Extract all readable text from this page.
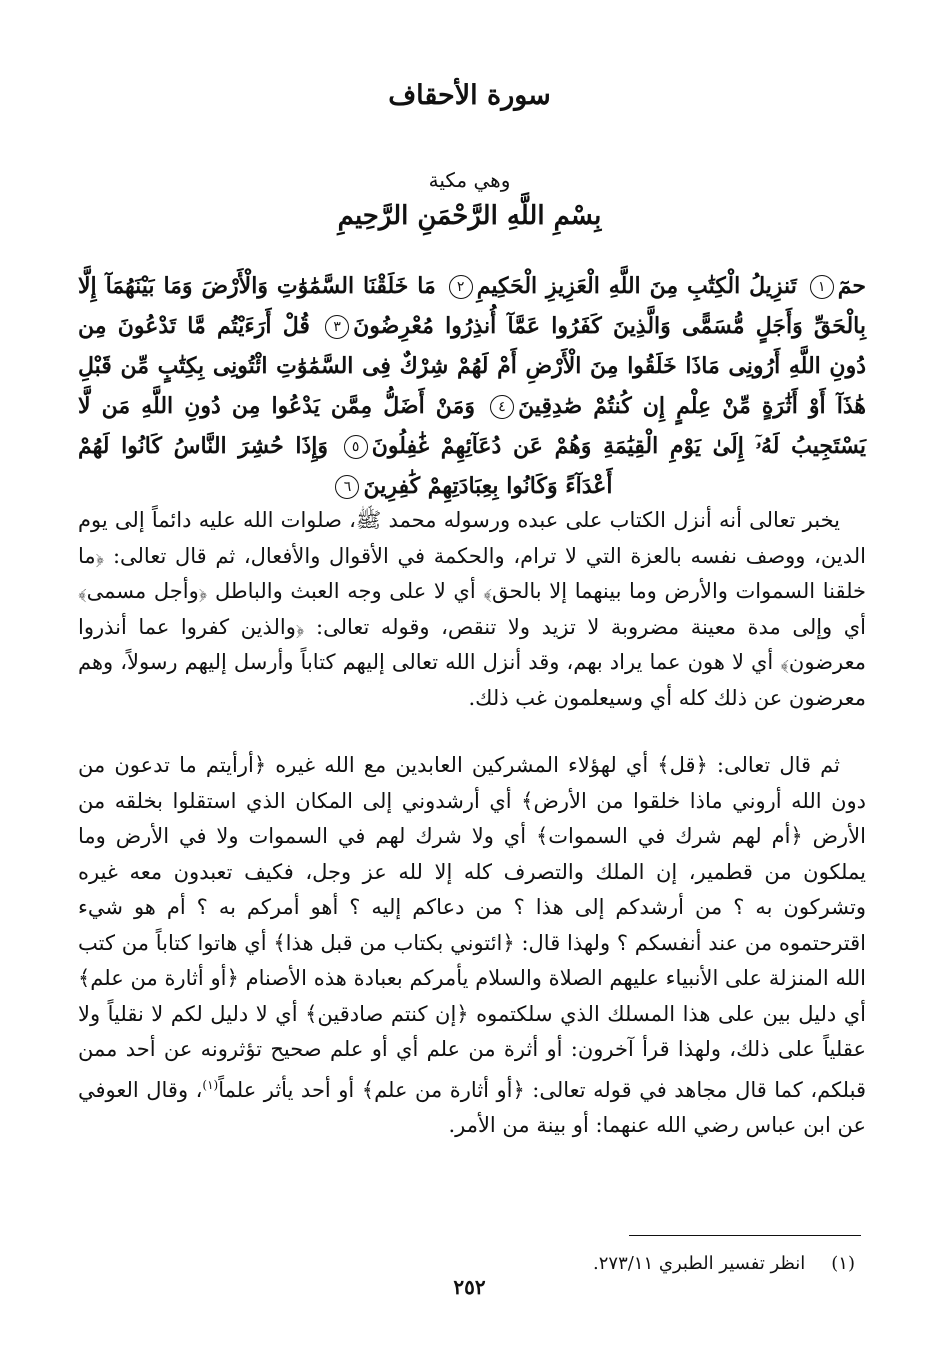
سورة الأحقاف
وهي مكية
بِسْمِ اللَّهِ الرَّحْمَنِ الرَّحِيمِ
حمٓ١ تَنزِيلُ الْكِتَٰبِ مِنَ اللَّهِ الْعَزِيزِ الْحَكِيمِ٢ مَا خَلَقْنَا السَّمَٰوَٰتِ وَالْأَرْضَ وَمَا بَيْنَهُمَآ إِلَّا بِالْحَقِّ وَأَجَلٍ مُّسَمًّى وَالَّذِينَ كَفَرُوا عَمَّآ أُنذِرُوا مُعْرِضُونَ٣ قُلْ أَرَءَيْتُم مَّا تَدْعُونَ مِن دُونِ اللَّهِ أَرُونِى مَاذَا خَلَقُوا مِنَ الْأَرْضِ أَمْ لَهُمْ شِرْكٌ فِى السَّمَٰوَٰتِ ائْتُونِى بِكِتَٰبٍ مِّن قَبْلِ هَٰذَآ أَوْ أَثَٰرَةٍ مِّنْ عِلْمٍ إِن كُنتُمْ صَٰدِقِينَ٤ وَمَنْ أَضَلُّ مِمَّن يَدْعُوا مِن دُونِ اللَّهِ مَن لَّا يَسْتَجِيبُ لَهُۥٓ إِلَىٰ يَوْمِ الْقِيَٰمَةِ وَهُمْ عَن دُعَآئِهِمْ غَٰفِلُونَ٥ وَإِذَا حُشِرَ النَّاسُ كَانُوا لَهُمْ أَعْدَآءً وَكَانُوا بِعِبَادَتِهِمْ كَٰفِرِينَ٦
يخبر تعالى أنه أنزل الكتاب على عبده ورسوله محمد ﷺ، صلوات الله عليه دائماً إلى يوم الدين، ووصف نفسه بالعزة التي لا ترام، والحكمة في الأقوال والأفعال، ثم قال تعالى: ﴿ما خلقنا السموات والأرض وما بينهما إلا بالحق﴾ أي لا على وجه العبث والباطل ﴿وأجل مسمى﴾ أي وإلى مدة معينة مضروبة لا تزيد ولا تنقص، وقوله تعالى: ﴿والذين كفروا عما أنذروا معرضون﴾ أي لا هون عما يراد بهم، وقد أنزل الله تعالى إليهم كتاباً وأرسل إليهم رسولاً، وهم معرضون عن ذلك كله أي وسيعلمون غب ذلك.
ثم قال تعالى: ﴿قل﴾ أي لهؤلاء المشركين العابدين مع الله غيره ﴿أرأيتم ما تدعون من دون الله أروني ماذا خلقوا من الأرض﴾ أي أرشدوني إلى المكان الذي استقلوا بخلقه من الأرض ﴿أم لهم شرك في السموات﴾ أي ولا شرك لهم في السموات ولا في الأرض وما يملكون من قطمير، إن الملك والتصرف كله إلا لله عز وجل، فكيف تعبدون معه غيره وتشركون به ؟ من أرشدكم إلى هذا ؟ من دعاكم إليه ؟ أهو أمركم به ؟ أم هو شيء اقترحتموه من عند أنفسكم ؟ ولهذا قال: ﴿ائتوني بكتاب من قبل هذا﴾ أي هاتوا كتاباً من كتب الله المنزلة على الأنبياء عليهم الصلاة والسلام يأمركم بعبادة هذه الأصنام ﴿أو أثارة من علم﴾ أي دليل بين على هذا المسلك الذي سلكتموه ﴿إن كنتم صادقين﴾ أي لا دليل لكم لا نقلياً ولا عقلياً على ذلك، ولهذا قرأ آخرون: أو أثرة من علم أي أو علم صحيح تؤثرونه عن أحد ممن قبلكم، كما قال مجاهد في قوله تعالى: ﴿أو أثارة من علم﴾ أو أحد يأثر علماً$^{(١)}$، وقال العوفي عن ابن عباس رضي الله عنهما: أو بينة من الأمر.
(١)انظر تفسير الطبري ٢٧٣/١١.
٢٥٢
